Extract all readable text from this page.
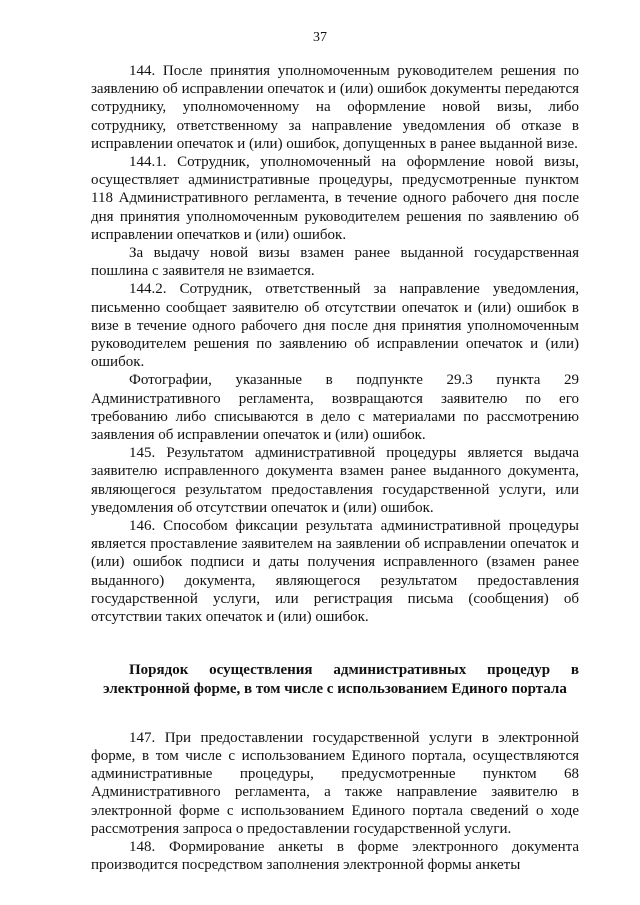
37

144. После принятия уполномоченным руководителем решения по заявлению об исправлении опечаток и (или) ошибок документы передаются сотруднику, уполномоченному на оформление новой визы, либо сотруднику, ответственному за направление уведомления об отказе в исправлении опечаток и (или) ошибок, допущенных в ранее выданной визе.

144.1. Сотрудник, уполномоченный на оформление новой визы, осуществляет административные процедуры, предусмотренные пунктом 118 Административного регламента, в течение одного рабочего дня после дня принятия уполномоченным руководителем решения по заявлению об исправлении опечатков и (или) ошибок.

За выдачу новой визы взамен ранее выданной государственная пошлина с заявителя не взимается.

144.2. Сотрудник, ответственный за направление уведомления, письменно сообщает заявителю об отсутствии опечаток и (или) ошибок в визе в течение одного рабочего дня после дня принятия уполномоченным руководителем решения по заявлению об исправлении опечаток и (или) ошибок.

Фотографии, указанные в подпункте 29.3 пункта 29 Административного регламента, возвращаются заявителю по его требованию либо списываются в дело с материалами по рассмотрению заявления об исправлении опечаток и (или) ошибок.

145. Результатом административной процедуры является выдача заявителю исправленного документа взамен ранее выданного документа, являющегося результатом предоставления государственной услуги, или уведомления об отсутствии опечаток и (или) ошибок.

146. Способом фиксации результата административной процедуры является проставление заявителем на заявлении об исправлении опечаток и (или) ошибок подписи и даты получения исправленного (взамен ранее выданного) документа, являющегося результатом предоставления государственной услуги, или регистрация письма (сообщения) об отсутствии таких опечаток и (или) ошибок.

Порядок осуществления административных процедур в электронной форме, в том числе с использованием Единого портала

147. При предоставлении государственной услуги в электронной форме, в том числе с использованием Единого портала, осуществляются административные процедуры, предусмотренные пунктом 68 Административного регламента, а также направление заявителю в электронной форме с использованием Единого портала сведений о ходе рассмотрения запроса о предоставлении государственной услуги.

148. Формирование анкеты в форме электронного документа производится посредством заполнения электронной формы анкеты
